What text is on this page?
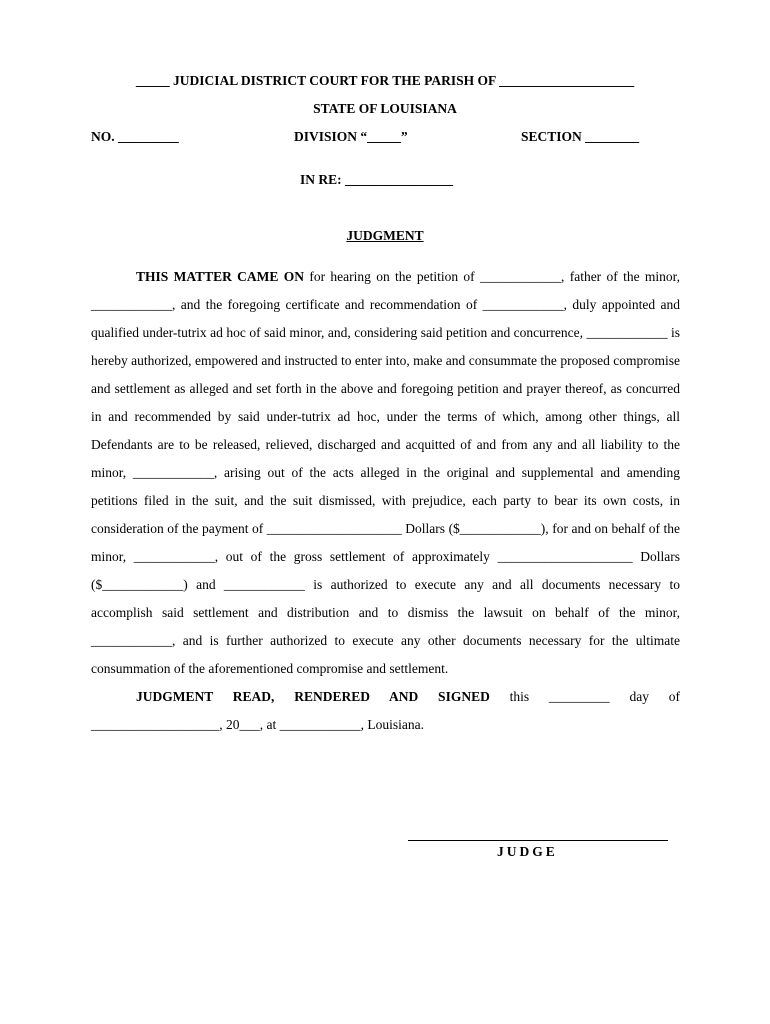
_____ JUDICIAL DISTRICT COURT FOR THE PARISH OF ____________________
STATE OF LOUISIANA
NO. _________	DIVISION “_____”	SECTION ________
IN RE: ________________
JUDGMENT

THIS MATTER CAME ON for hearing on the petition of ____________, father of the minor, ____________, and the foregoing certificate and recommendation of ____________, duly appointed and qualified under-tutrix ad hoc of said minor, and, considering said petition and concurrence, ____________ is hereby authorized, empowered and instructed to enter into, make and consummate the proposed compromise and settlement as alleged and set forth in the above and foregoing petition and prayer thereof, as concurred in and recommended by said under-tutrix ad hoc, under the terms of which, among other things, all Defendants are to be released, relieved, discharged and acquitted of and from any and all liability to the minor, ____________, arising out of the acts alleged in the original and supplemental and amending petitions filed in the suit, and the suit dismissed, with prejudice, each party to bear its own costs, in consideration of the payment of ____________________ Dollars ($____________), for and on behalf of the minor, ____________, out of the gross settlement of approximately ____________________ Dollars ($____________) and ____________ is authorized to execute any and all documents necessary to accomplish said settlement and distribution and to dismiss the lawsuit on behalf of the minor, ____________, and is further authorized to execute any other documents necessary for the ultimate consummation of the aforementioned compromise and settlement.

JUDGMENT READ, RENDERED AND SIGNED this _________ day of

___________________, 20___, at ____________, Louisiana.

JUDGE
